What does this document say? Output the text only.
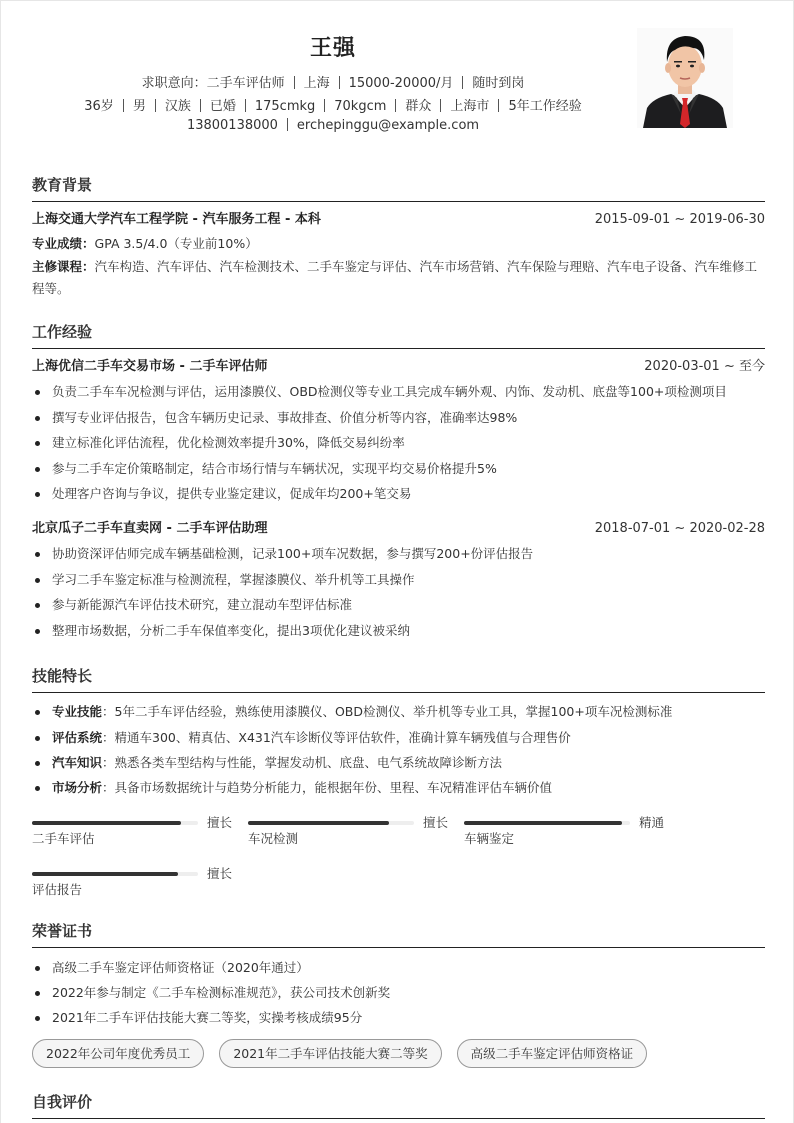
王强
求职意向：二手车评估师 上海 15000-20000/月 随时到岗
36岁 男 汉族 已婚 175cmkg 70kgcm 群众 上海市 5年工作经验
13800138000 erchepinggu@example.com
教育背景
上海交通大学汽车工程学院 - 汽车服务工程 - 本科	2015-09-01 ~ 2019-06-30
专业成绩：GPA 3.5/4.0（专业前10%）
主修课程：汽车构造、汽车评估、汽车检测技术、二手车鉴定与评估、汽车市场营销、汽车保险与理赔、汽车电子设备、汽车维修工程等。
工作经验
上海优信二手车交易市场 - 二手车评估师	2020-03-01 ~ 至今
负责二手车车况检测与评估，运用漆膜仪、OBD检测仪等专业工具完成车辆外观、内饰、发动机、底盘等100+项检测项目
撰写专业评估报告，包含车辆历史记录、事故排查、价值分析等内容，准确率达98%
建立标准化评估流程，优化检测效率提升30%，降低交易纠纷率
参与二手车定价策略制定，结合市场行情与车辆状况，实现平均交易价格提升5%
处理客户咨询与争议，提供专业鉴定建议，促成年均200+笔交易
北京瓜子二手车直卖网 - 二手车评估助理	2018-07-01 ~ 2020-02-28
协助资深评估师完成车辆基础检测，记录100+项车况数据，参与撰写200+份评估报告
学习二手车鉴定标准与检测流程，掌握漆膜仪、举升机等工具操作
参与新能源汽车评估技术研究，建立混动车型评估标准
整理市场数据，分析二手车保值率变化，提出3项优化建议被采纳
技能特长
专业技能：5年二手车评估经验，熟练使用漆膜仪、OBD检测仪、举升机等专业工具，掌握100+项车况检测标准
评估系统：精通车300、精真估、X431汽车诊断仪等评估软件，准确计算车辆残值与合理售价
汽车知识：熟悉各类车型结构与性能，掌握发动机、底盘、电气系统故障诊断方法
市场分析：具备市场数据统计与趋势分析能力，能根据年份、里程、车况精准评估车辆价值
擅长
二手车评估
擅长
车况检测
精通
车辆鉴定
擅长
评估报告
荣誉证书
高级二手车鉴定评估师资格证（2020年通过）
2022年参与制定《二手车检测标准规范》，获公司技术创新奖
2021年二手车评估技能大赛二等奖，实操考核成绩95分
2022年公司年度优秀员工	2021年二手车评估技能大赛二等奖	高级二手车鉴定评估师资格证
自我评价
